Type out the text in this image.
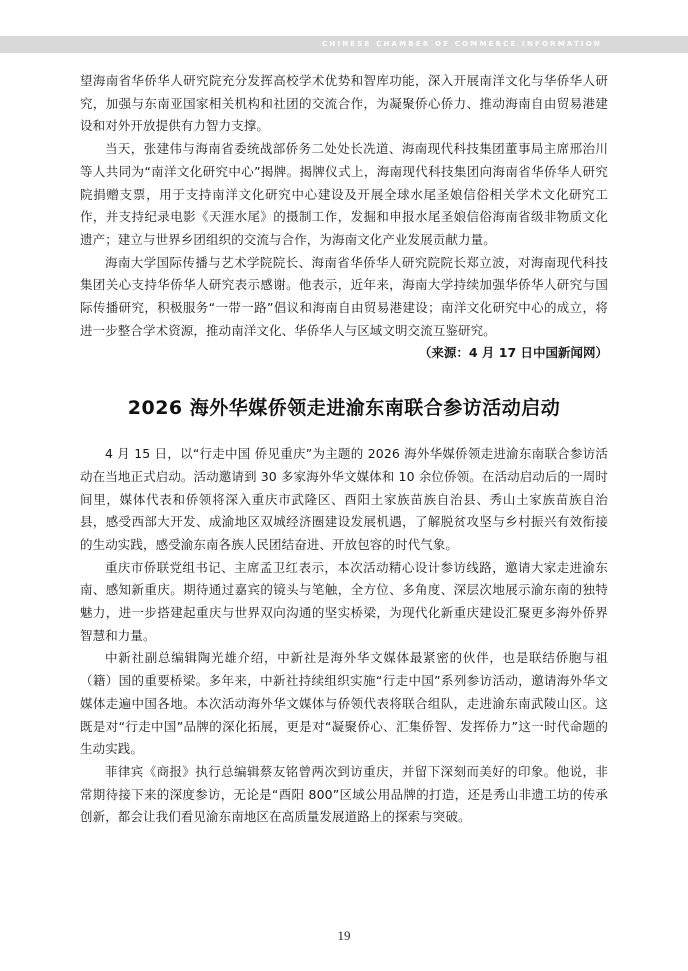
CHINESE CHAMBER OF COMMERCE INFORMATION

望海南省华侨华人研究院充分发挥高校学术优势和智库功能，深入开展南洋文化与华侨华人研究，加强与东南亚国家相关机构和社团的交流合作，为凝聚侨心侨力、推动海南自由贸易港建设和对外开放提供有力智力支撑。

当天，张建伟与海南省委统战部侨务二处处长冼道、海南现代科技集团董事局主席邢治川等人共同为“南洋文化研究中心”揭牌。揭牌仪式上，海南现代科技集团向海南省华侨华人研究院捐赠支票，用于支持南洋文化研究中心建设及开展全球水尾圣娘信俗相关学术文化研究工作，并支持纪录电影《天涯水尾》的摄制工作，发掘和申报水尾圣娘信俗海南省级非物质文化遗产；建立与世界乡团组织的交流与合作，为海南文化产业发展贡献力量。

海南大学国际传播与艺术学院院长、海南省华侨华人研究院院长郑立波，对海南现代科技集团关心支持华侨华人研究表示感谢。他表示，近年来，海南大学持续加强华侨华人研究与国际传播研究，积极服务“一带一路”倡议和海南自由贸易港建设；南洋文化研究中心的成立，将进一步整合学术资源，推动南洋文化、华侨华人与区域文明交流互鉴研究。

（来源：4 月 17 日中国新闻网）

2026 海外华媒侨领走进渝东南联合参访活动启动

4 月 15 日，以“行走中国 侨见重庆”为主题的 2026 海外华媒侨领走进渝东南联合参访活动在当地正式启动。活动邀请到 30 多家海外华文媒体和 10 余位侨领。在活动启动后的一周时间里，媒体代表和侨领将深入重庆市武隆区、酉阳土家族苗族自治县、秀山土家族苗族自治县，感受西部大开发、成渝地区双城经济圈建设发展机遇，了解脱贫攻坚与乡村振兴有效衔接的生动实践，感受渝东南各族人民团结奋进、开放包容的时代气象。

重庆市侨联党组书记、主席孟卫红表示，本次活动精心设计参访线路，邀请大家走进渝东南、感知新重庆。期待通过嘉宾的镜头与笔触，全方位、多角度、深层次地展示渝东南的独特魅力，进一步搭建起重庆与世界双向沟通的坚实桥梁，为现代化新重庆建设汇聚更多海外侨界智慧和力量。

中新社副总编辑陶光雄介绍，中新社是海外华文媒体最紧密的伙伴，也是联结侨胞与祖（籍）国的重要桥梁。多年来，中新社持续组织实施“行走中国”系列参访活动，邀请海外华文媒体走遍中国各地。本次活动海外华文媒体与侨领代表将联合组队，走进渝东南武陵山区。这既是对“行走中国”品牌的深化拓展，更是对“凝聚侨心、汇集侨智、发挥侨力”这一时代命题的生动实践。

菲律宾《商报》执行总编辑蔡友铭曾两次到访重庆，并留下深刻而美好的印象。他说，非常期待接下来的深度参访，无论是“酉阳 800”区域公用品牌的打造，还是秀山非遗工坊的传承创新，都会让我们看见渝东南地区在高质量发展道路上的探索与突破。

19
